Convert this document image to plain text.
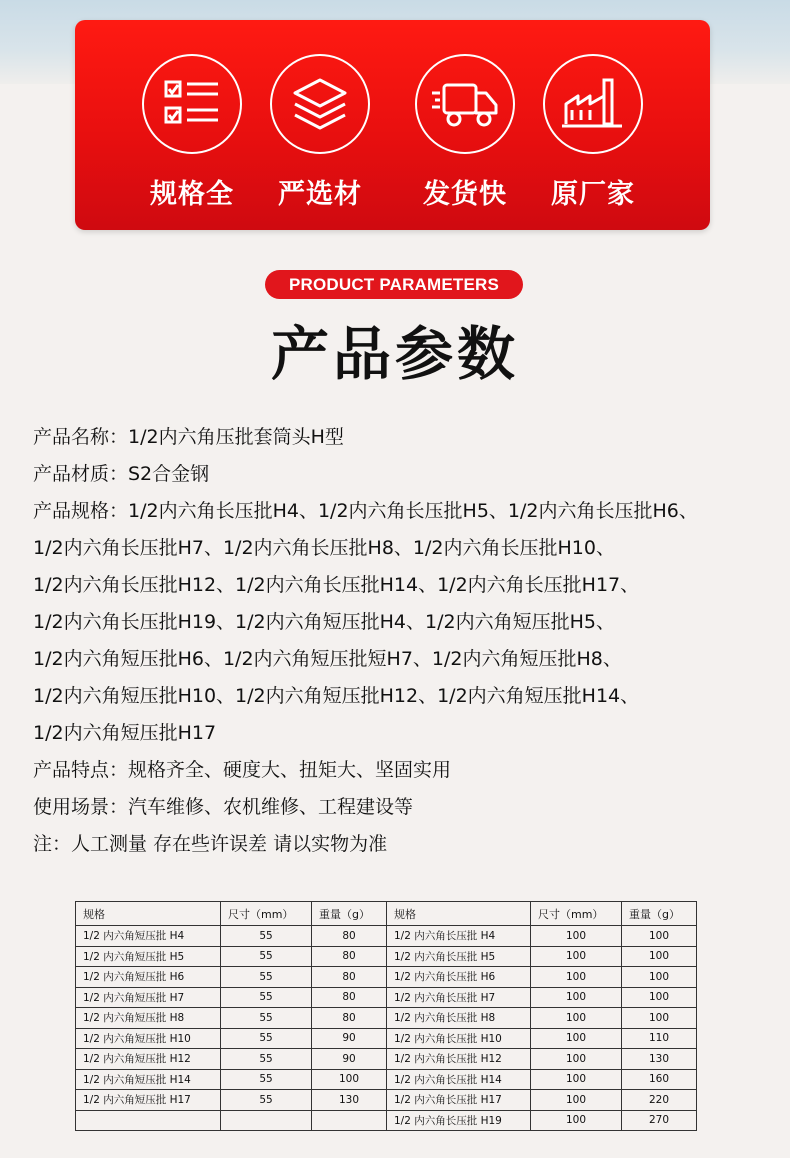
规格全	严选材	发货快	原厂家
PRODUCT PARAMETERS
产品参数
产品名称：1/2内六角压批套筒头H型
产品材质：S2合金钢
产品规格：1/2内六角长压批H4、1/2内六角长压批H5、1/2内六角长压批H6、
1/2内六角长压批H7、1/2内六角长压批H8、1/2内六角长压批H10、
1/2内六角长压批H12、1/2内六角长压批H14、1/2内六角长压批H17、
1/2内六角长压批H19、1/2内六角短压批H4、1/2内六角短压批H5、
1/2内六角短压批H6、1/2内六角短压批短H7、1/2内六角短压批H8、
1/2内六角短压批H10、1/2内六角短压批H12、1/2内六角短压批H14、
1/2内六角短压批H17
产品特点：规格齐全、硬度大、扭矩大、坚固实用
使用场景：汽车维修、农机维修、工程建设等
注：人工测量 存在些许误差 请以实物为准
规格	尺寸（mm）	重量（g）	规格	尺寸（mm）	重量（g）
1/2 内六角短压批 H4	55	80	1/2 内六角长压批 H4	100	100
1/2 内六角短压批 H5	55	80	1/2 内六角长压批 H5	100	100
1/2 内六角短压批 H6	55	80	1/2 内六角长压批 H6	100	100
1/2 内六角短压批 H7	55	80	1/2 内六角长压批 H7	100	100
1/2 内六角短压批 H8	55	80	1/2 内六角长压批 H8	100	100
1/2 内六角短压批 H10	55	90	1/2 内六角长压批 H10	100	110
1/2 内六角短压批 H12	55	90	1/2 内六角长压批 H12	100	130
1/2 内六角短压批 H14	55	100	1/2 内六角长压批 H14	100	160
1/2 内六角短压批 H17	55	130	1/2 内六角长压批 H17	100	220
			1/2 内六角长压批 H19	100	270
